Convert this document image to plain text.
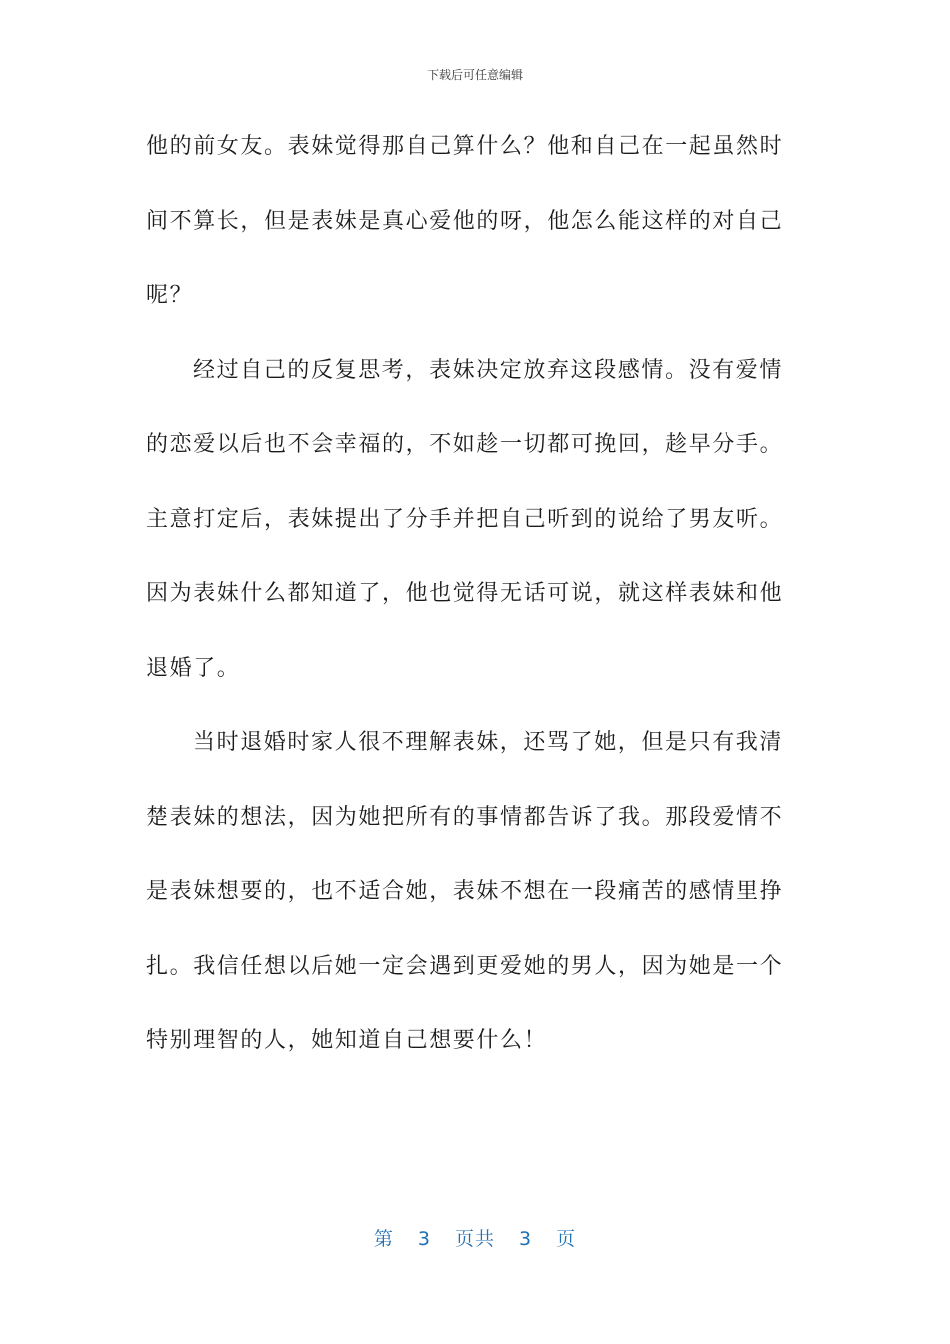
下载后可任意编辑
他的前女友。表妹觉得那自己算什么？他和自己在一起虽然时
间不算长，但是表妹是真心爱他的呀，他怎么能这样的对自己
呢？
经过自己的反复思考，表妹决定放弃这段感情。没有爱情
的恋爱以后也不会幸福的，不如趁一切都可挽回，趁早分手。
主意打定后，表妹提出了分手并把自己听到的说给了男友听。
因为表妹什么都知道了，他也觉得无话可说，就这样表妹和他
退婚了。
当时退婚时家人很不理解表妹，还骂了她，但是只有我清
楚表妹的想法，因为她把所有的事情都告诉了我。那段爱情不
是表妹想要的，也不适合她，表妹不想在一段痛苦的感情里挣
扎。我信任想以后她一定会遇到更爱她的男人，因为她是一个
特别理智的人，她知道自己想要什么！
第 3 页共 3 页
